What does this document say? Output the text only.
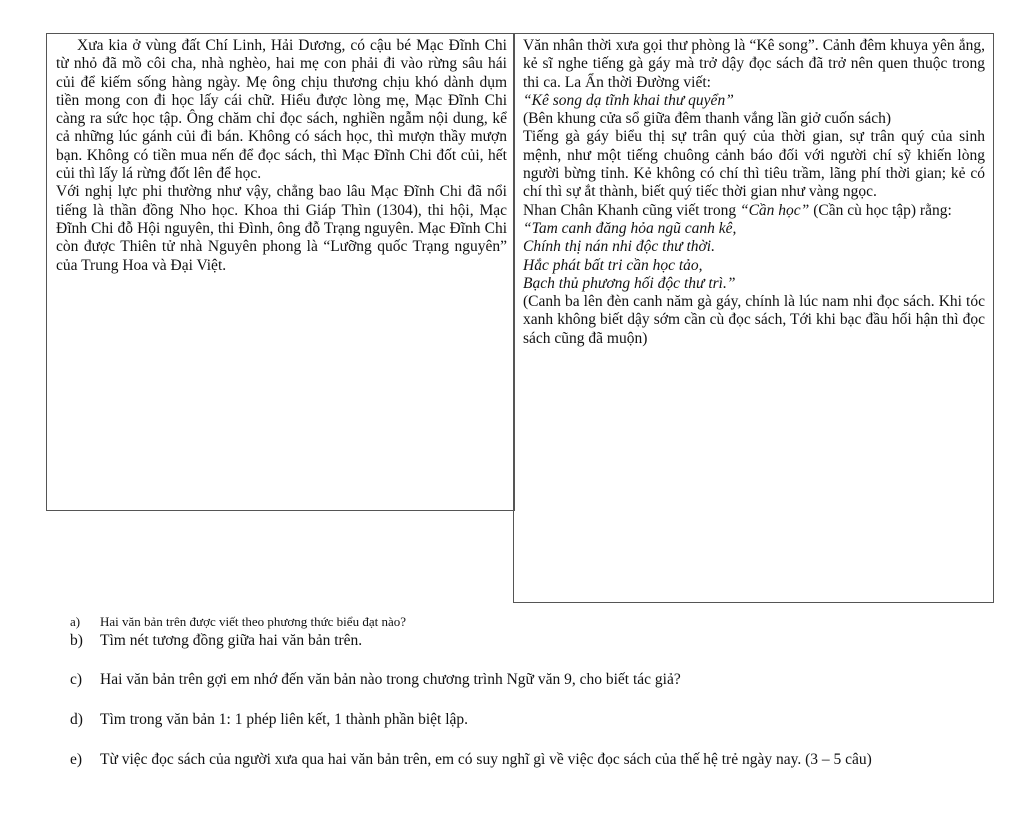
Xưa kia ở vùng đất Chí Linh, Hải Dương, có cậu bé Mạc Đĩnh Chi từ nhỏ đã mồ côi cha, nhà nghèo, hai mẹ con phải đi vào rừng sâu hái củi để kiếm sống hàng ngày. Mẹ ông chịu thương chịu khó dành dụm tiền mong con đi học lấy cái chữ. Hiểu được lòng mẹ, Mạc Đĩnh Chi càng ra sức học tập. Ông chăm chỉ đọc sách, nghiền ngẫm nội dung, kể cả những lúc gánh củi đi bán. Không có sách học, thì mượn thầy mượn bạn. Không có tiền mua nến để đọc sách, thì Mạc Đĩnh Chi đốt củi, hết củi thì lấy lá rừng đốt lên để học.

Với nghị lực phi thường như vậy, chẳng bao lâu Mạc Đĩnh Chi đã nổi tiếng là thần đồng Nho học. Khoa thi Giáp Thìn (1304), thi hội, Mạc Đĩnh Chi đỗ Hội nguyên, thi Đình, ông đỗ Trạng nguyên. Mạc Đĩnh Chi còn được Thiên tử nhà Nguyên phong là “Lưỡng quốc Trạng nguyên” của Trung Hoa và Đại Việt.

Văn nhân thời xưa gọi thư phòng là “Kê song”. Cảnh đêm khuya yên ắng, kẻ sĩ nghe tiếng gà gáy mà trở dậy đọc sách đã trở nên quen thuộc trong thi ca. La Ẩn thời Đường viết:

“Kê song dạ tĩnh khai thư quyển”

(Bên khung cửa sổ giữa đêm thanh vắng lần giở cuốn sách)

Tiếng gà gáy biểu thị sự trân quý của thời gian, sự trân quý của sinh mệnh, như một tiếng chuông cảnh báo đối với người chí sỹ khiến lòng người bừng tỉnh. Kẻ không có chí thì tiêu trầm, lãng phí thời gian; kẻ có chí thì sự ắt thành, biết quý tiếc thời gian như vàng ngọc.

Nhan Chân Khanh cũng viết trong “Cần học” (Cần cù học tập) rằng:

“Tam canh đăng hỏa ngũ canh kê,

Chính thị nán nhi độc thư thời.

Hắc phát bất tri cần học tảo,

Bạch thủ phương hối độc thư trì.”

(Canh ba lên đèn canh năm gà gáy, chính là lúc nam nhi đọc sách. Khi tóc xanh không biết dậy sớm cần cù đọc sách, Tới khi bạc đầu hối hận thì đọc sách cũng đã muộn)

a)	Hai văn bản trên được viết theo phương thức biểu đạt nào?
b)	Tìm nét tương đồng giữa hai văn bản trên.
c)	Hai văn bản trên gợi em nhớ đến văn bản nào trong chương trình Ngữ văn 9, cho biết tác giả?
d)	Tìm trong văn bản 1: 1 phép liên kết, 1 thành phần biệt lập.
e)	Từ việc đọc sách của người xưa qua hai văn bản trên, em có suy nghĩ gì về việc đọc sách của thế hệ trẻ ngày nay. (3 – 5 câu)
